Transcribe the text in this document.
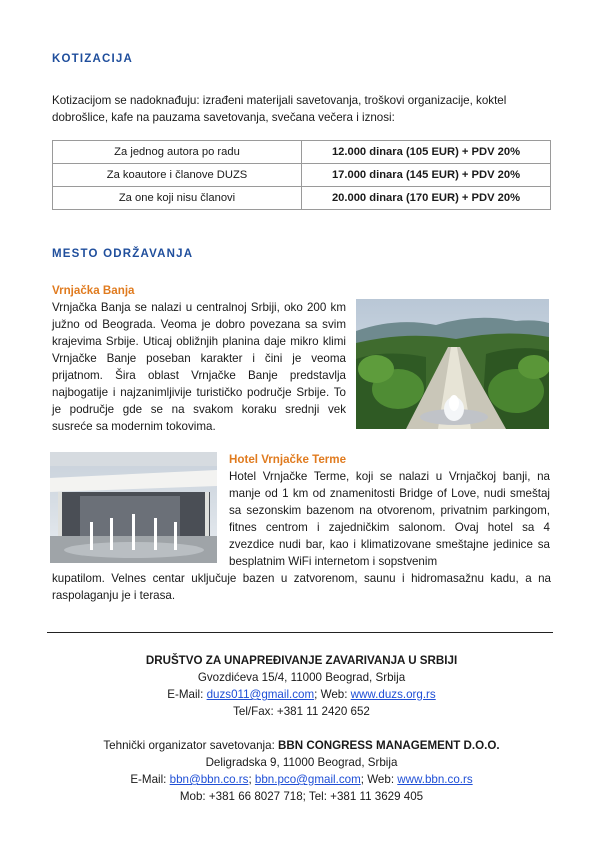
KOTIZACIJA
Kotizacijom se nadoknađuju: izrađeni materijali savetovanja, troškovi organizacije, koktel
dobrošlice, kafe na pauzama savetovanja, svečana večera i iznosi:
Za jednog autora po radu	12.000 dinara (105 EUR) + PDV 20%
Za koautore i članove DUZS	17.000 dinara (145 EUR) + PDV 20%
Za one koji nisu članovi	20.000 dinara (170 EUR) + PDV 20%
MESTO ODRŽAVANJA
Vrnjačka Banja
Vrnjačka Banja se nalazi u centralnoj Srbiji, oko 200 km južno od Beograda. Veoma je dobro povezana sa svim krajevima Srbije. Uticaj obližnjih planina daje mikro klimi Vrnjačke Banje poseban karakter i čini je veoma prijatnom. Šira oblast Vrnjačke Banje predstavlja najbogatije i najzanimljivije turističko područje Srbije. To je područje gde se na svakom koraku srednji vek susreće sa modernim tokovima.
Hotel Vrnjačke Terme
Hotel Vrnjačke Terme, koji se nalazi u Vrnjačkoj banji, na manje od 1 km od znamenitosti Bridge of Love, nudi smeštaj sa sezonskim bazenom na otvorenom, privatnim parkingom, fitnes centrom i zajedničkim salonom. Ovaj hotel sa 4 zvezdice nudi bar, kao i klimatizovane smeštajne jedinice sa besplatnim WiFi internetom i sopstvenim
kupatilom. Velnes centar uključuje bazen u zatvorenom, saunu i hidromasažnu kadu, a na raspolaganju je i terasa.
DRUŠTVO ZA UNAPREĐIVANJE ZAVARIVANJA U SRBIJI
Gvozdićeva 15/4, 11000 Beograd, Srbija
E-Mail: duzs011@gmail.com; Web: www.duzs.org.rs
Tel/Fax: +381 11 2420 652
Tehnički organizator savetovanja: BBN CONGRESS MANAGEMENT D.O.O.
Deligradska 9, 11000 Beograd, Srbija
E-Mail: bbn@bbn.co.rs; bbn.pco@gmail.com; Web: www.bbn.co.rs
Mob: +381 66 8027 718; Tel: +381 11 3629 405
